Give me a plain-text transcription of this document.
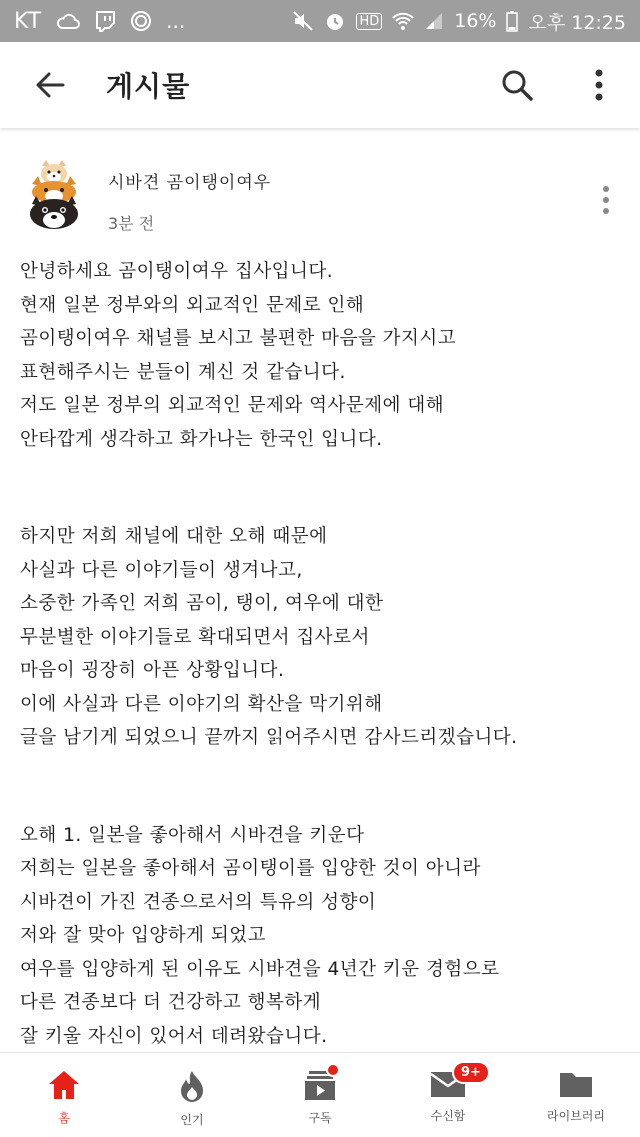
KT	...	HD	16% 오후 12:25
게시물
시바견 곰이탱이여우
3분 전
안녕하세요 곰이탱이여우 집사입니다.
현재 일본 정부와의 외교적인 문제로 인해
곰이탱이여우 채널를 보시고 불편한 마음을 가지시고
표현해주시는 분들이 계신 것 같습니다.
저도 일본 정부의 외교적인 문제와 역사문제에 대해
안타깝게 생각하고 화가나는 한국인 입니다.
하지만 저희 채널에 대한 오해 때문에
사실과 다른 이야기들이 생겨나고,
소중한 가족인 저희 곰이, 탱이, 여우에 대한
무분별한 이야기들로 확대되면서 집사로서
마음이 굉장히 아픈 상황입니다.
이에 사실과 다른 이야기의 확산을 막기위해
글을 남기게 되었으니 끝까지 읽어주시면 감사드리겠습니다.
오해 1. 일본을 좋아해서 시바견을 키운다
저희는 일본을 좋아해서 곰이탱이를 입양한 것이 아니라
시바견이 가진 견종으로서의 특유의 성향이
저와 잘 맞아 입양하게 되었고
여우를 입양하게 된 이유도 시바견을 4년간 키운 경험으로
다른 견종보다 더 건강하고 행복하게
잘 키울 자신이 있어서 데려왔습니다.
홈	인기	구독
9+
수신함	라이브러리
